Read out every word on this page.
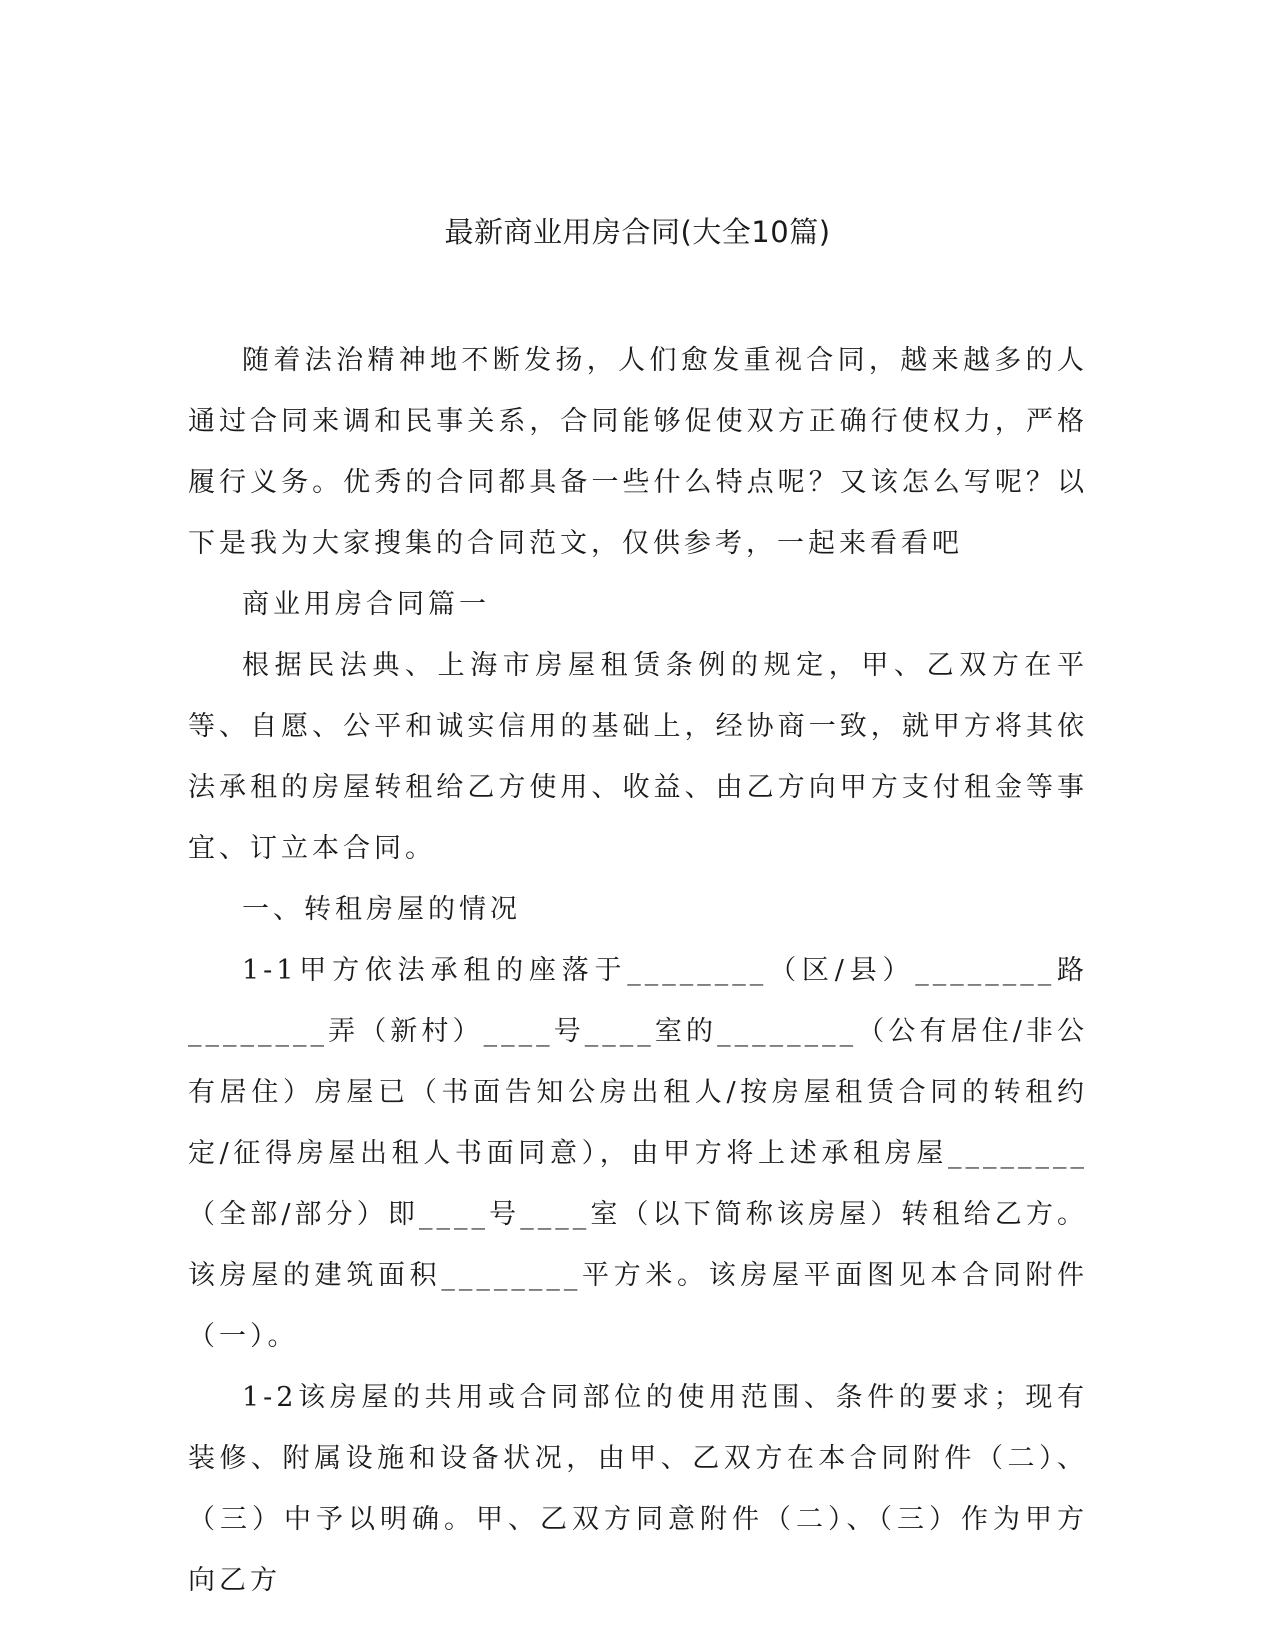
最新商业用房合同(大全10篇)

随着法治精神地不断发扬，人们愈发重视合同，越来越多的人通过合同来调和民事关系，合同能够促使双方正确行使权力，严格履行义务。优秀的合同都具备一些什么特点呢？又该怎么写呢？以下是我为大家搜集的合同范文，仅供参考，一起来看看吧

商业用房合同篇一

根据民法典、上海市房屋租赁条例的规定，甲、乙双方在平等、自愿、公平和诚实信用的基础上，经协商一致，就甲方将其依法承租的房屋转租给乙方使用、收益、由乙方向甲方支付租金等事宜、订立本合同。

一、转租房屋的情况

1-1甲方依法承租的座落于________（区/县）________路________弄（新村）____号____室的________（公有居住/非公有居住）房屋已（书面告知公房出租人/按房屋租赁合同的转租约定/征得房屋出租人书面同意），由甲方将上述承租房屋________（全部/部分）即____号____室（以下简称该房屋）转租给乙方。该房屋的建筑面积________平方米。该房屋平面图见本合同附件（一）。

1-2该房屋的共用或合同部位的使用范围、条件的要求；现有装修、附属设施和设备状况，由甲、乙双方在本合同附件（二）、（三）中予以明确。甲、乙双方同意附件（二）、（三）作为甲方向乙方
